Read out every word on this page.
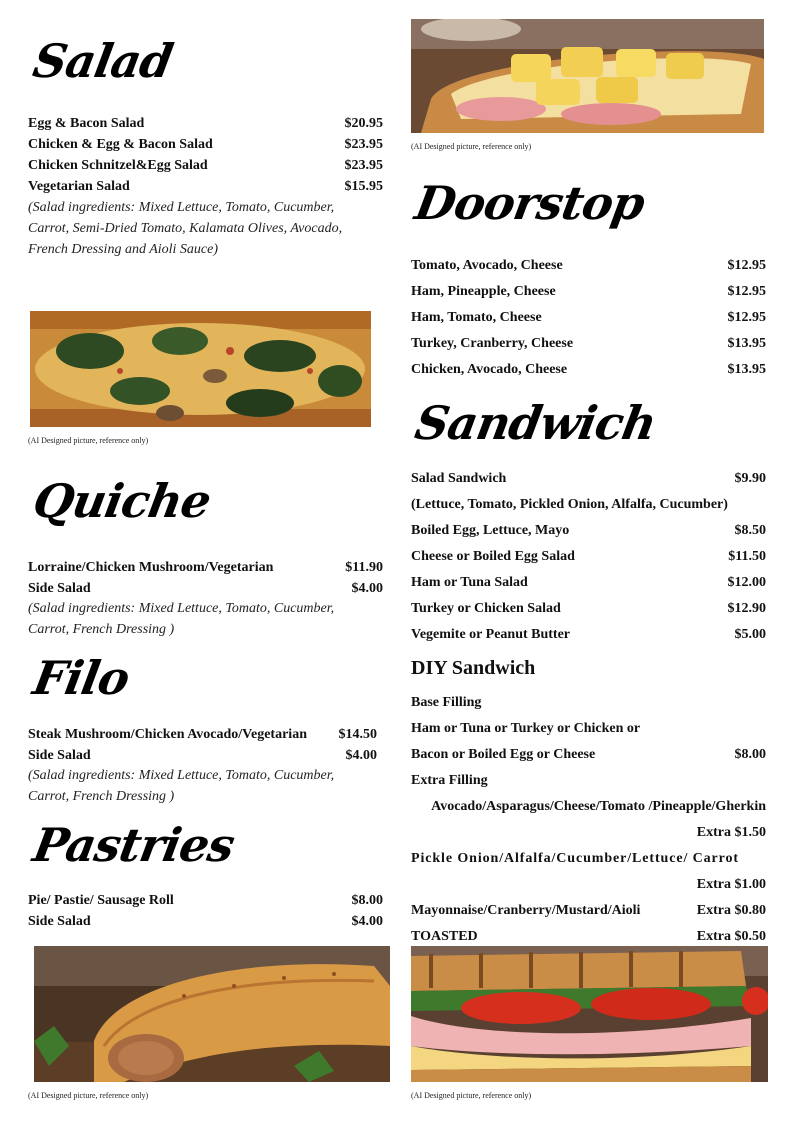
Salad
Egg & Bacon Salad	$20.95
Chicken & Egg & Bacon Salad	$23.95
Chicken Schnitzel&Egg Salad	$23.95
Vegetarian Salad	$15.95
(Salad ingredients: Mixed Lettuce, Tomato, Cucumber,
Carrot, Semi-Dried Tomato, Kalamata Olives, Avocado,
French Dressing and Aioli Sauce)
(AI Designed picture, reference only)
Quiche
Lorraine/Chicken Mushroom/Vegetarian	$11.90
Side Salad	$4.00
(Salad ingredients: Mixed Lettuce, Tomato, Cucumber,
Carrot, French Dressing )
Filo
Steak Mushroom/Chicken Avocado/Vegetarian $14.50
Side Salad	$4.00
(Salad ingredients: Mixed Lettuce, Tomato, Cucumber,
Carrot, French Dressing )
Pastries
Pie/ Pastie/ Sausage Roll	$8.00
Side Salad	$4.00
(AI Designed picture, reference only)
(AI Designed picture, reference only)
Doorstop
Tomato, Avocado, Cheese	$12.95
Ham, Pineapple, Cheese	$12.95
Ham, Tomato, Cheese	$12.95
Turkey, Cranberry, Cheese	$13.95
Chicken, Avocado, Cheese	$13.95
Sandwich
Salad Sandwich	$9.90
(Lettuce, Tomato, Pickled Onion, Alfalfa, Cucumber)
Boiled Egg, Lettuce, Mayo	$8.50
Cheese or Boiled Egg Salad	$11.50
Ham or Tuna Salad	$12.00
Turkey or Chicken Salad	$12.90
Vegemite or Peanut Butter	$5.00
DIY Sandwich
Base Filling
Ham or Tuna or Turkey or Chicken or
Bacon or Boiled Egg or Cheese	$8.00
Extra Filling
Avocado/Asparagus/Cheese/Tomato /Pineapple/Gherkin
Extra $1.50
Pickle Onion/Alfalfa/Cucumber/Lettuce/ Carrot
Extra $1.00
Mayonnaise/Cranberry/Mustard/Aioli	Extra $0.80
TOASTED	Extra $0.50
(AI Designed picture, reference only)
